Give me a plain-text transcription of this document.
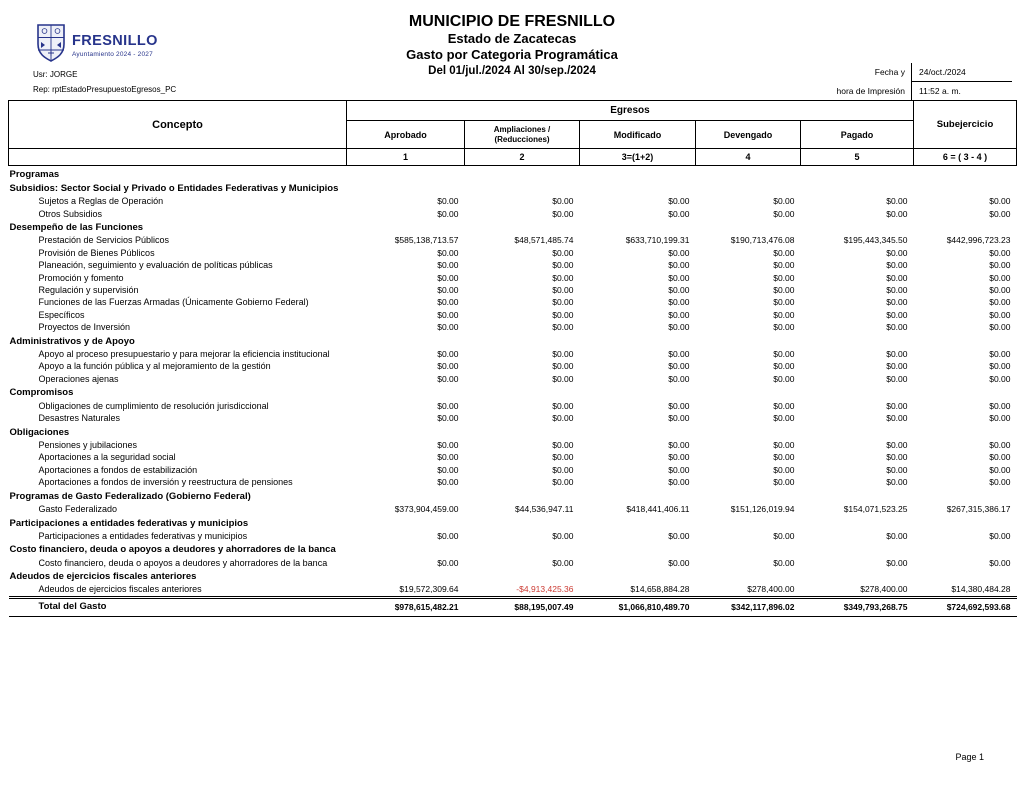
FRESNILLO
Ayuntamiento 2024 - 2027
Usr: JORGE
Rep: rptEstadoPresupuestoEgresos_PC
MUNICIPIO DE FRESNILLO
Estado de Zacatecas
Gasto por Categoria Programática
Del 01/jul./2024 Al 30/sep./2024	Fecha y	24/oct./2024
hora de Impresión	11:52 a. m.
Concepto	Egresos					Subejercicio
	Aprobado	Ampliaciones / (Reducciones)	Modificado	Devengado	Pagado	
	1	2	3=(1+2)	4	5	6 = ( 3 - 4 )

Programas						

Subsidios: Sector Social y Privado o Entidades Federativas y Municipios						

Sujetos a Reglas de Operación	$0.00	$0.00	$0.00	$0.00	$0.00	$0.00
Otros Subsidios	$0.00	$0.00	$0.00	$0.00	$0.00	$0.00

Desempeño de las Funciones						

Prestación de Servicios Públicos	$585,138,713.57	$48,571,485.74	$633,710,199.31	$190,713,476.08	$195,443,345.50	$442,996,723.23
Provisión de Bienes Públicos	$0.00	$0.00	$0.00	$0.00	$0.00	$0.00
Planeación, seguimiento y evaluación de políticas públicas	$0.00	$0.00	$0.00	$0.00	$0.00	$0.00
Promoción y fomento	$0.00	$0.00	$0.00	$0.00	$0.00	$0.00
Regulación y supervisión	$0.00	$0.00	$0.00	$0.00	$0.00	$0.00
Funciones de las Fuerzas Armadas (Únicamente Gobierno Federal)	$0.00	$0.00	$0.00	$0.00	$0.00	$0.00
Específicos	$0.00	$0.00	$0.00	$0.00	$0.00	$0.00
Proyectos de Inversión	$0.00	$0.00	$0.00	$0.00	$0.00	$0.00

Administrativos y de Apoyo						

Apoyo al proceso presupuestario y para mejorar la eficiencia institucional	$0.00	$0.00	$0.00	$0.00	$0.00	$0.00
Apoyo a la función pública y al mejoramiento de la gestión	$0.00	$0.00	$0.00	$0.00	$0.00	$0.00
Operaciones ajenas	$0.00	$0.00	$0.00	$0.00	$0.00	$0.00

Compromisos						

Obligaciones de cumplimiento de resolución jurisdiccional	$0.00	$0.00	$0.00	$0.00	$0.00	$0.00
Desastres Naturales	$0.00	$0.00	$0.00	$0.00	$0.00	$0.00

Obligaciones						

Pensiones y jubilaciones	$0.00	$0.00	$0.00	$0.00	$0.00	$0.00
Aportaciones a la seguridad social	$0.00	$0.00	$0.00	$0.00	$0.00	$0.00
Aportaciones a fondos de estabilización	$0.00	$0.00	$0.00	$0.00	$0.00	$0.00
Aportaciones a fondos de inversión y reestructura de pensiones	$0.00	$0.00	$0.00	$0.00	$0.00	$0.00

Programas de Gasto Federalizado (Gobierno Federal)						

Gasto Federalizado	$373,904,459.00	$44,536,947.11	$418,441,406.11	$151,126,019.94	$154,071,523.25	$267,315,386.17

Participaciones a entidades federativas y municipios						

Participaciones a entidades federativas y municipios	$0.00	$0.00	$0.00	$0.00	$0.00	$0.00

Costo financiero, deuda o apoyos a deudores y ahorradores de la banca						

Costo financiero, deuda o apoyos a deudores y ahorradores de la banca	$0.00	$0.00	$0.00	$0.00	$0.00	$0.00

Adeudos de ejercicios fiscales anteriores						

Adeudos de ejercicios fiscales anteriores	$19,572,309.64	-$4,913,425.36	$14,658,884.28	$278,400.00	$278,400.00	$14,380,484.28
Total del Gasto	$978,615,482.21	$88,195,007.49	$1,066,810,489.70	$342,117,896.02	$349,793,268.75	$724,692,593.68
Page 1
